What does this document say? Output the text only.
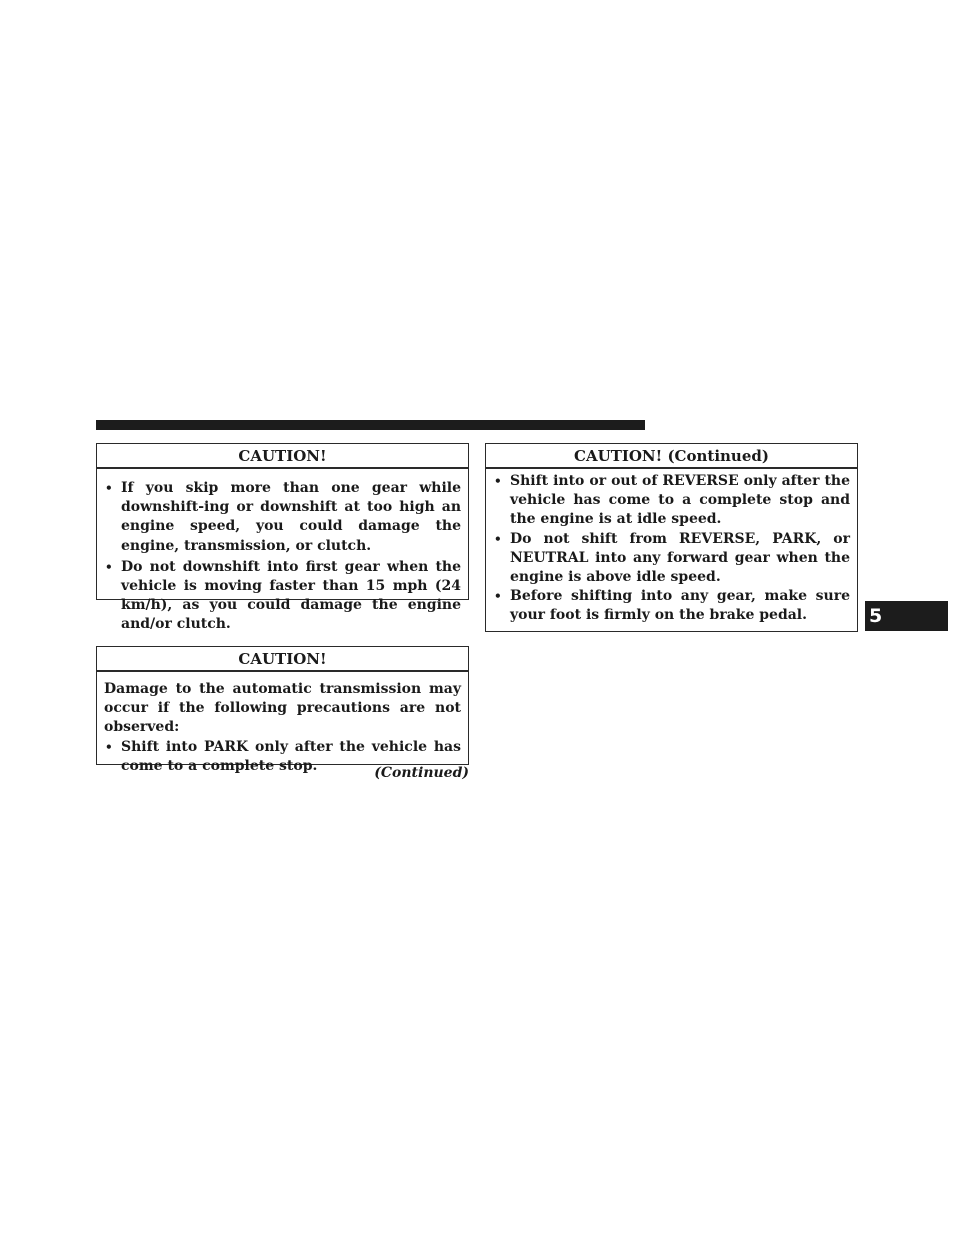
CAUTION!
• If you skip more than one gear while downshift-ing or downshift at too high an engine speed, you could damage the engine, transmission, or clutch.
• Do not downshift into first gear when the vehicle is moving faster than 15 mph (24 km/h), as you could damage the engine and/or clutch.
CAUTION!
Damage to the automatic transmission may occur if the following precautions are not observed:
• Shift into PARK only after the vehicle has come to a complete stop.	(Continued)
CAUTION! (Continued)
• Shift into or out of REVERSE only after the vehicle has come to a complete stop and the engine is at idle speed.
• Do not shift from REVERSE, PARK, or NEUTRAL into any forward gear when the engine is above idle speed.
• Before shifting into any gear, make sure your foot is firmly on the brake pedal.	5
